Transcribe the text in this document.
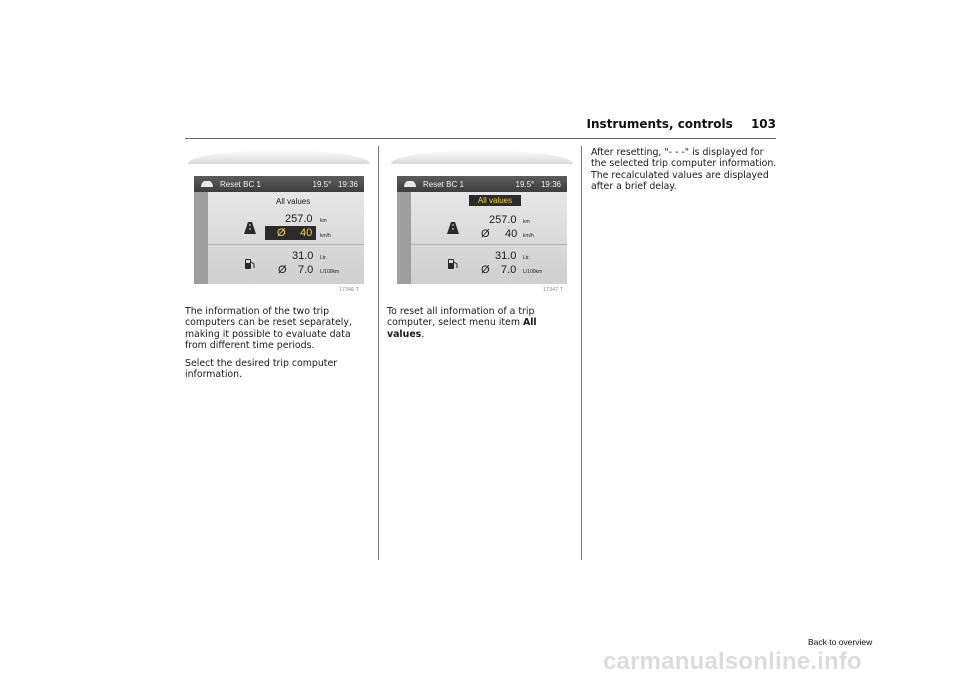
Instruments, controls 103
Reset BC 1	19.5° 19:36
All values
257.0 km
Ø 40 km/h
31.0 Ltr.
Ø 7.0 L/100km
17346 T
Reset BC 1	19.5° 19:36
All values
257.0 km
Ø 40 km/h
31.0 Ltr.
Ø 7.0 L/100km
17347 T

The information of the two trip computers can be reset separately, making it possible to evaluate data from different time periods.

Select the desired trip computer information.

To reset all information of a trip computer, select menu item All values.

After resetting, "- - -" is displayed for the selected trip computer information. The recalculated values are displayed after a brief delay.

Back to overview
carmanualsonline.info
